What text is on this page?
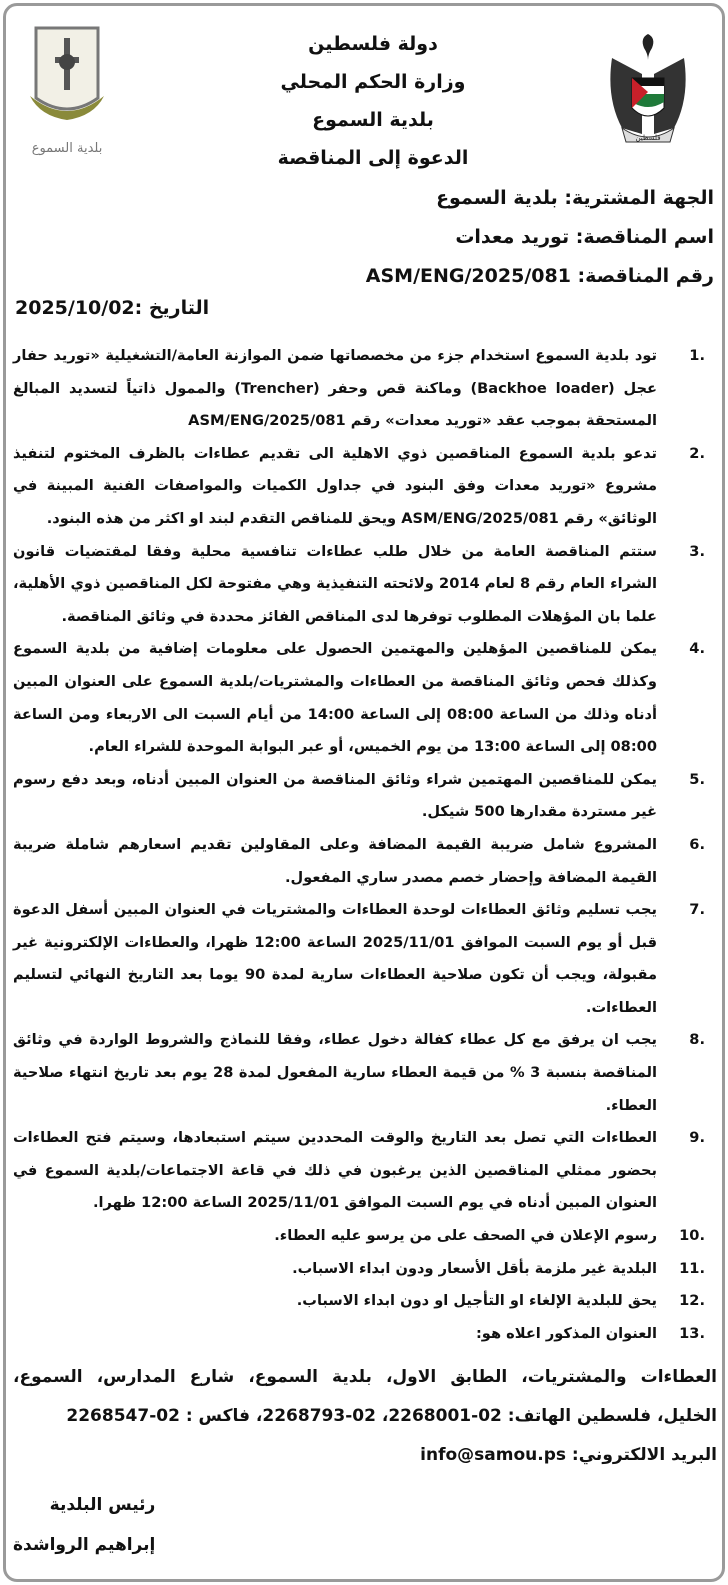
فلسطين
بلدية السموع
دولة فلسطين
وزارة الحكم المحلي
بلدية السموع
الدعوة إلى المناقصة
الجهة المشترية: بلدية السموع
اسم المناقصة: توريد معدات
رقم المناقصة: ASM/ENG/2025/081
التاريخ :2025/10/02
1.
تود بلدية السموع استخدام جزء من مخصصاتها ضمن الموازنة العامة/التشغيلية «توريد حفار عجل (Backhoe loader) وماكنة قص وحفر (Trencher) والممول ذاتياً لتسديد المبالغ المستحقة بموجب عقد «توريد معدات» رقم ASM/ENG/2025/081
2.
تدعو بلدية السموع المناقصين ذوي الاهلية الى تقديم عطاءات بالظرف المختوم لتنفيذ مشروع «توريد معدات وفق البنود في جداول الكميات والمواصفات الفنية المبينة في الوثائق» رقم ASM/ENG/2025/081 ويحق للمناقص التقدم لبند او اكثر من هذه البنود.
3.
ستتم المناقصة العامة من خلال طلب عطاءات تنافسية محلية وفقا لمقتضيات قانون الشراء العام رقم 8 لعام 2014 ولائحته التنفيذية وهي مفتوحة لكل المناقصين ذوي الأهلية، علما بان المؤهلات المطلوب توفرها لدى المناقص الفائز محددة في وثائق المناقصة.
4.
يمكن للمناقصين المؤهلين والمهتمين الحصول على معلومات إضافية من بلدية السموع وكذلك فحص وثائق المناقصة من العطاءات والمشتريات/بلدية السموع على العنوان المبين أدناه وذلك من الساعة 08:00 إلى الساعة 14:00 من أيام السبت الى الاربعاء ومن الساعة 08:00 إلى الساعة 13:00 من يوم الخميس، أو عبر البوابة الموحدة للشراء العام.
5.
يمكن للمناقصين المهتمين شراء وثائق المناقصة من العنوان المبين أدناه، وبعد دفع رسوم غير مستردة مقدارها 500 شيكل.
6.
المشروع شامل ضريبة القيمة المضافة وعلى المقاولين تقديم اسعارهم شاملة ضريبة القيمة المضافة وإحضار خصم مصدر ساري المفعول.
7.
يجب تسليم وثائق العطاءات لوحدة العطاءات والمشتريات في العنوان المبين أسفل الدعوة قبل أو يوم السبت الموافق 2025/11/01 الساعة 12:00 ظهرا، والعطاءات الإلكترونية غير مقبولة، ويجب أن تكون صلاحية العطاءات سارية لمدة 90 يوما بعد التاريخ النهائي لتسليم العطاءات.
8.
يجب ان يرفق مع كل عطاء كفالة دخول عطاء، وفقا للنماذج والشروط الواردة في وثائق المناقصة بنسبة 3 % من قيمة العطاء سارية المفعول لمدة 28 يوم بعد تاريخ انتهاء صلاحية العطاء.
9.
العطاءات التي تصل بعد التاريخ والوقت المحددين سيتم استبعادها، وسيتم فتح العطاءات بحضور ممثلي المناقصين الذين يرغبون في ذلك في قاعة الاجتماعات/بلدية السموع في العنوان المبين أدناه في يوم السبت الموافق 2025/11/01 الساعة 12:00 ظهرا.
10.
رسوم الإعلان في الصحف على من يرسو عليه العطاء.
11.
البلدية غير ملزمة بأقل الأسعار ودون ابداء الاسباب.
12.
يحق للبلدية الإلغاء او التأجيل او دون ابداء الاسباب.
13.
العنوان المذكور اعلاه هو:
العطاءات والمشتريات، الطابق الاول، بلدية السموع، شارع المدارس، السموع، الخليل، فلسطين الهاتف: 02-2268001، 02-2268793، فاكس : 02-2268547
البريد الالكتروني: info@samou.ps
رئيس البلدية
إبراهيم الرواشدة
